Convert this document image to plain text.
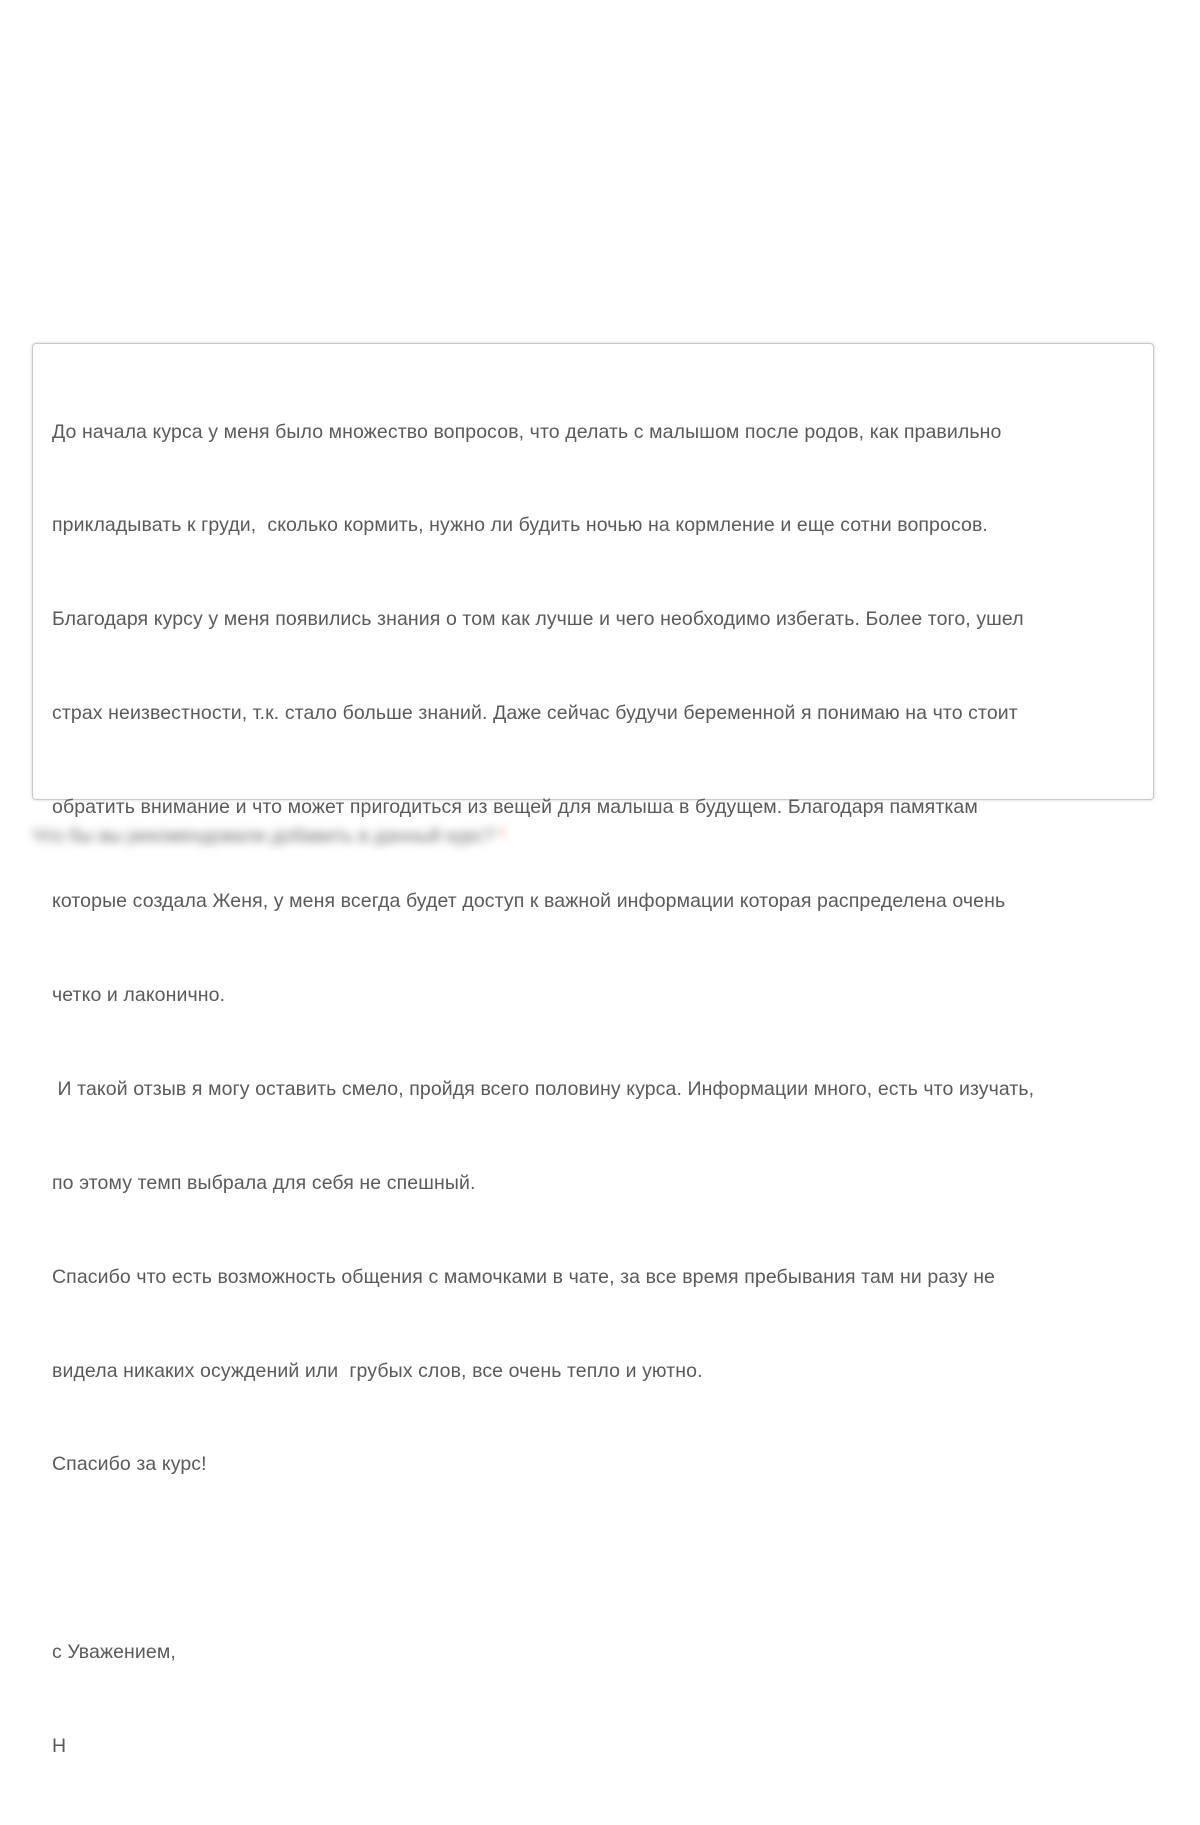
До начала курса у меня было множество вопросов, что делать с малышом после родов, как правильно

прикладывать к груди,  сколько кормить, нужно ли будить ночью на кормление и еще сотни вопросов.

Благодаря курсу у меня появились знания о том как лучше и чего необходимо избегать. Более того, ушел

страх неизвестности, т.к. стало больше знаний. Даже сейчас будучи беременной я понимаю на что стоит

обратить внимание и что может пригодиться из вещей для малыша в будущем. Благодаря памяткам

которые создала Женя, у меня всегда будет доступ к важной информации которая распределена очень

четко и лаконично.

И такой отзыв я могу оставить смело, пройдя всего половину курса. Информации много, есть что изучать,

по этому темп выбрала для себя не спешный.

Спасибо что есть возможность общения с мамочками в чате, за все время пребывания там ни разу не

видела никаких осуждений или  грубых слов, все очень тепло и уютно.

Спасибо за курс!

с Уважением,

Н

Что бы вы рекомендовали добавить в данный курс? *
